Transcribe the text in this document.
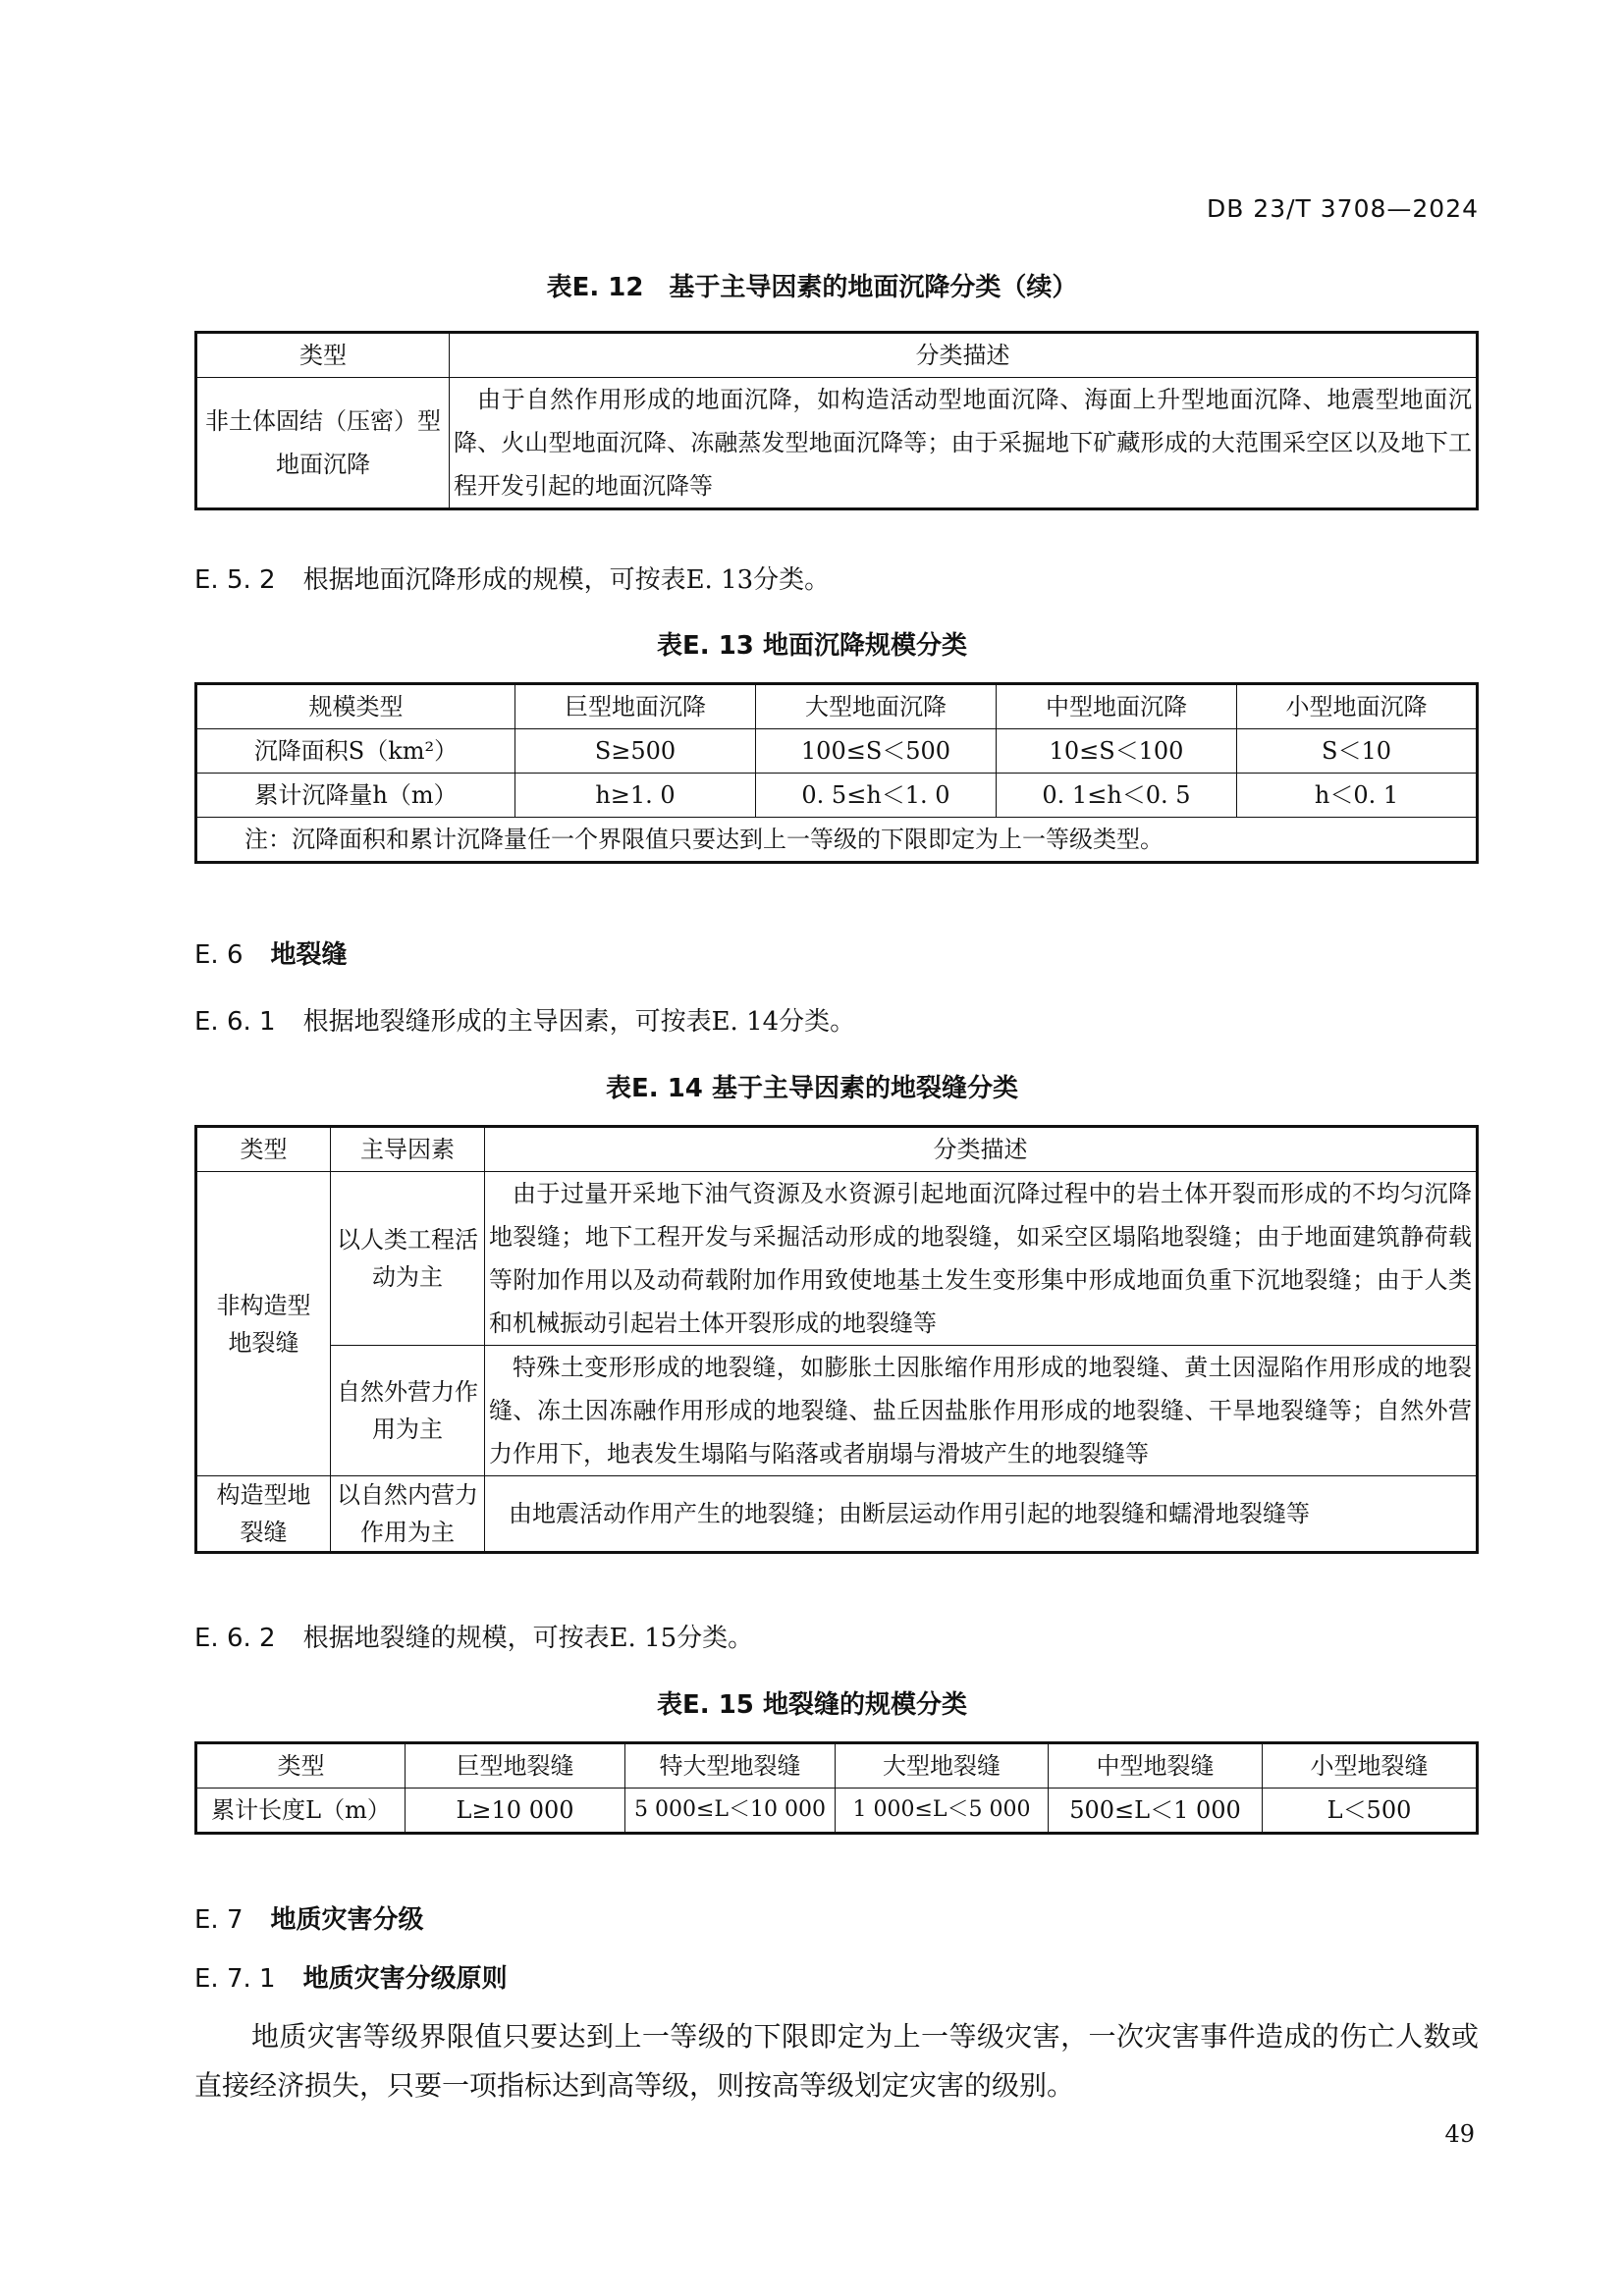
DB 23/T 3708—2024
表E. 12　基于主导因素的地面沉降分类（续）
类型	分类描述
非土体固结（压密）型地面沉降	由于自然作用形成的地面沉降，如构造活动型地面沉降、海面上升型地面沉降、地震型地面沉降、火山型地面沉降、冻融蒸发型地面沉降等；由于采掘地下矿藏形成的大范围采空区以及地下工程开发引起的地面沉降等
E. 5. 2 根据地面沉降形成的规模，可按表E. 13分类。
表E. 13 地面沉降规模分类
规模类型	巨型地面沉降	大型地面沉降	中型地面沉降	小型地面沉降
沉降面积S（km²）	S≥500	100≤S＜500	10≤S＜100	S＜10
累计沉降量h（m）	h≥1. 0	0. 5≤h＜1. 0	0. 1≤h＜0. 5	h＜0. 1
注：沉降面积和累计沉降量任一个界限值只要达到上一等级的下限即定为上一等级类型。				
E. 6 地裂缝
E. 6. 1 根据地裂缝形成的主导因素，可按表E. 14分类。
表E. 14 基于主导因素的地裂缝分类
类型	主导因素	分类描述
非构造型地裂缝	以人类工程活动为主	由于过量开采地下油气资源及水资源引起地面沉降过程中的岩土体开裂而形成的不均匀沉降地裂缝；地下工程开发与采掘活动形成的地裂缝，如采空区塌陷地裂缝；由于地面建筑静荷载等附加作用以及动荷载附加作用致使地基土发生变形集中形成地面负重下沉地裂缝；由于人类和机械振动引起岩土体开裂形成的地裂缝等
	自然外营力作用为主	特殊土变形形成的地裂缝，如膨胀土因胀缩作用形成的地裂缝、黄土因湿陷作用形成的地裂缝、冻土因冻融作用形成的地裂缝、盐丘因盐胀作用形成的地裂缝、干旱地裂缝等；自然外营力作用下，地表发生塌陷与陷落或者崩塌与滑坡产生的地裂缝等
构造型地裂缝	以自然内营力作用为主	由地震活动作用产生的地裂缝；由断层运动作用引起的地裂缝和蠕滑地裂缝等
E. 6. 2 根据地裂缝的规模，可按表E. 15分类。
表E. 15 地裂缝的规模分类
类型	巨型地裂缝	特大型地裂缝	大型地裂缝	中型地裂缝	小型地裂缝
累计长度L（m）	L≥10 000	5 000≤L＜10 000	1 000≤L＜5 000	500≤L＜1 000	L＜500
E. 7 地质灾害分级
E. 7. 1 地质灾害分级原则
地质灾害等级界限值只要达到上一等级的下限即定为上一等级灾害，一次灾害事件造成的伤亡人数或直接经济损失，只要一项指标达到高等级，则按高等级划定灾害的级别。
49
